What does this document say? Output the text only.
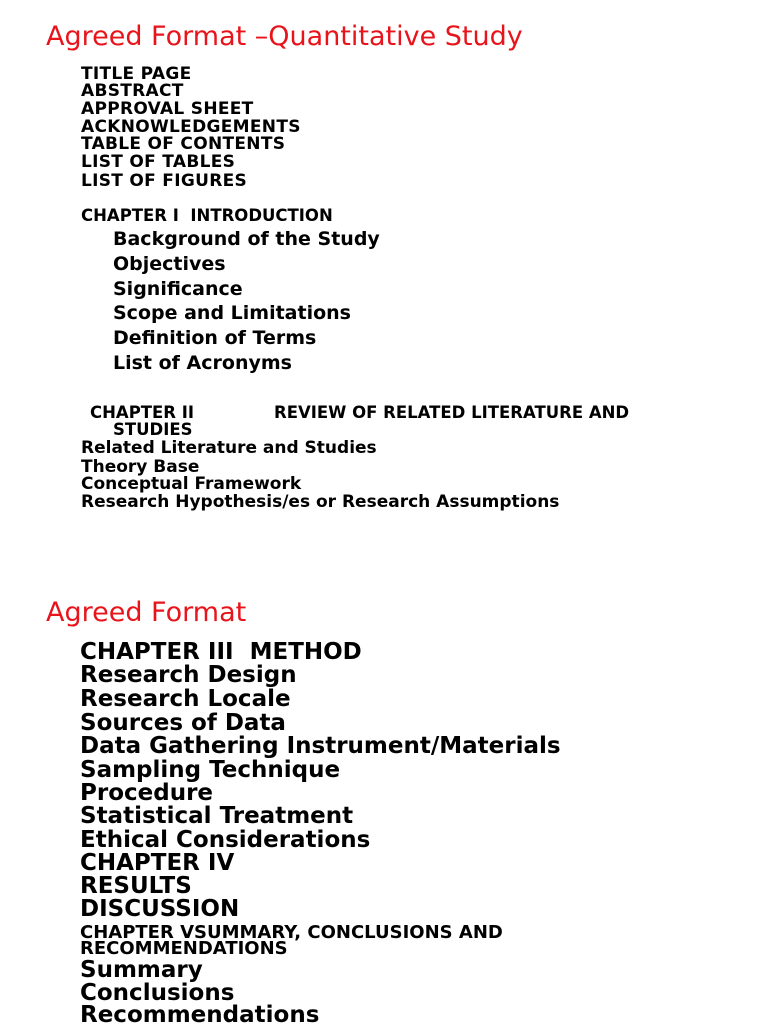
Agreed Format –Quantitative Study
TITLE PAGE
ABSTRACT
APPROVAL SHEET
ACKNOWLEDGEMENTS
TABLE OF CONTENTS
LIST OF TABLES
LIST OF FIGURES
CHAPTER I  INTRODUCTION
Background of the Study
Objectives
Significance
Scope and Limitations
Definition of Terms
List of Acronyms
CHAPTER II	REVIEW OF RELATED LITERATURE AND
STUDIES
Related Literature and Studies
Theory Base
Conceptual Framework
Research Hypothesis/es or Research Assumptions
Agreed Format
CHAPTER III  METHOD
Research Design
Research Locale
Sources of Data
Data Gathering Instrument/Materials
Sampling Technique
Procedure
Statistical Treatment
Ethical Considerations
CHAPTER IV
RESULTS
DISCUSSION
CHAPTER VSUMMARY, CONCLUSIONS AND
RECOMMENDATIONS
Summary
Conclusions
Recommendations
